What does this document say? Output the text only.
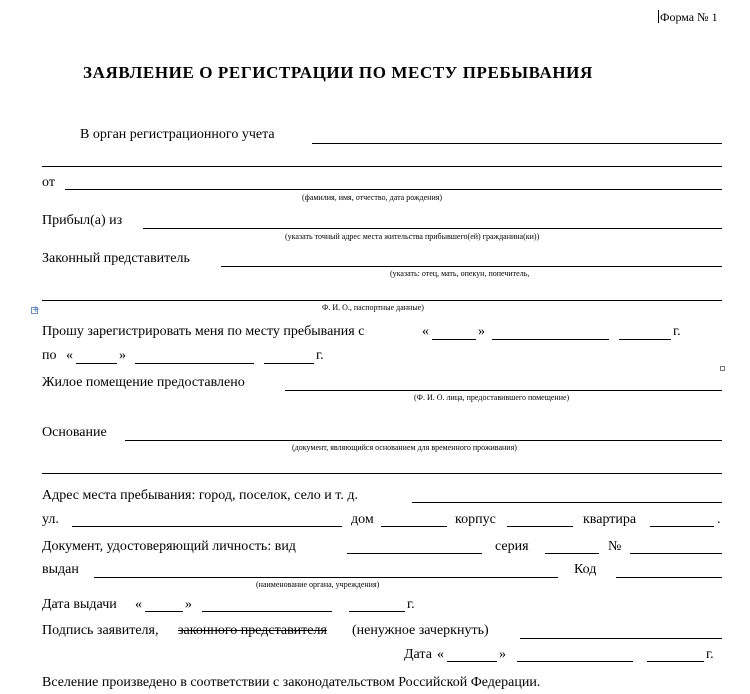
Форма № 1
ЗАЯВЛЕНИЕ О РЕГИСТРАЦИИ ПО МЕСТУ ПРЕБЫВАНИЯ
В орган регистрационного учета
от
(фамилия, имя, отчество, дата рождения)
Прибыл(а) из
(указать точный адрес места жительства прибывшего(ей) гражданина(ки))
Законный представитель
(указать: отец, мать, опекун, попечитель,
+
Ф. И. О., паспортные данные)
Прошу зарегистрировать меня по месту пребывания с	«	»	г.
по «	»	г.
Жилое помещение предоставлено
(Ф. И. О. лица, предоставившего помещение)
Основание
(документ, являющийся основанием для временного проживания)
Адрес места пребывания: город, поселок, село и т. д.
ул.	дом	корпус	квартира	.
Документ, удостоверяющий личность: вид	серия	№
выдан	Код
(наименование органа, учреждения)
Дата выдачи «	»	г.
Подпись заявителя, законного представителя (ненужное зачеркнуть)
Дата «	»	г.
Вселение произведено в соответствии с законодательством Российской Федерации.
